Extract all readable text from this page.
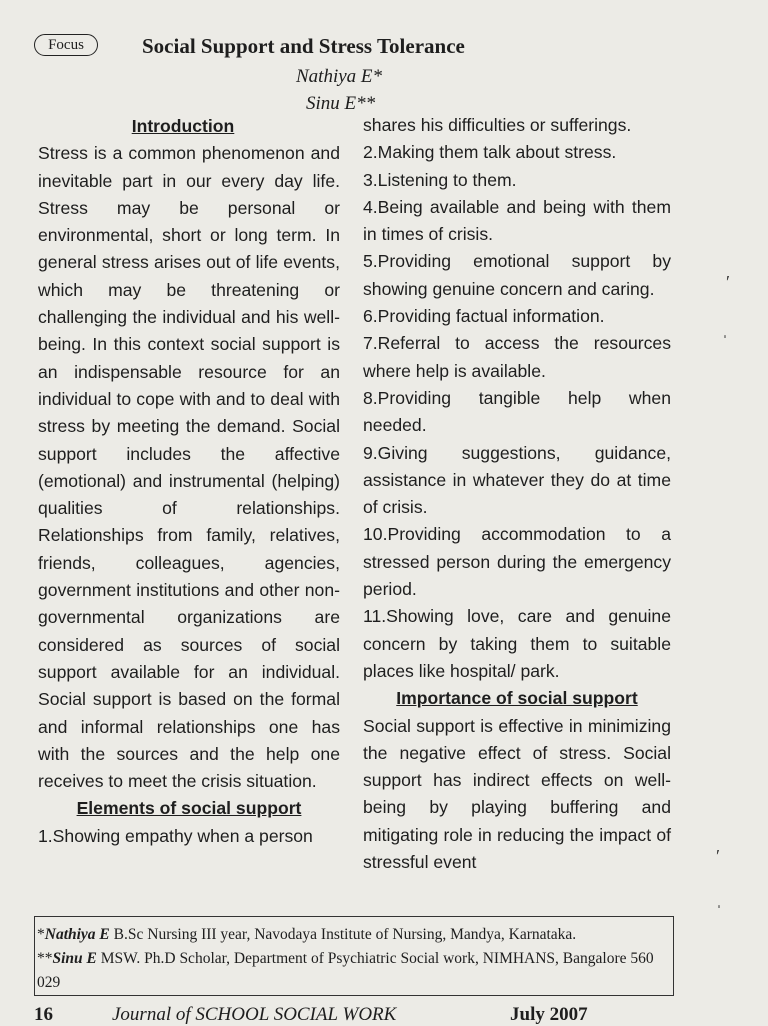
Focus	Social Support and Stress Tolerance
Nathiya E*
Sinu E**

Introduction

Stress is a common phenomenon and inevitable part in our every day life. Stress may be personal or environmental, short or long term. In general stress arises out of life events, which may be threatening or challenging the individual and his well-being. In this context social support is an indispensable resource for an individual to cope with and to deal with stress by meeting the demand. Social support includes the affective (emotional) and instrumental (helping) qualities of relationships. Relationships from family, relatives, friends, colleagues, agencies, government institutions and other non-governmental organizations are considered as sources of social support available for an individual. Social support is based on the formal and informal relationships one has with the sources and the help one receives to meet the crisis situation.

Elements of social support

1.Showing empathy when a person

shares his difficulties or sufferings.

2.Making them talk about stress.

3.Listening to them.

4.Being available and being with them in times of crisis.

5.Providing emotional support by showing genuine concern and caring.

6.Providing factual information.

7.Referral to access the resources where help is available.

8.Providing tangible help when needed.

9.Giving suggestions, guidance, assistance in whatever they do at time of crisis.

10.Providing accommodation to a stressed person during the emergency period.

11.Showing love, care and genuine concern by taking them to suitable places like hospital/ park.

Importance of social support

Social support is effective in minimizing the negative effect of stress. Social support has indirect effects on well-being by playing buffering and mitigating role in reducing the impact of stressful event

*Nathiya E B.Sc Nursing III year, Navodaya Institute of Nursing, Mandya, Karnataka.
**Sinu E MSW. Ph.D Scholar, Department of Psychiatric Social work, NIMHANS, Bangalore 560 029
16	Journal of SCHOOL SOCIAL WORK	July 2007
′
ˌ
′
ˌ
